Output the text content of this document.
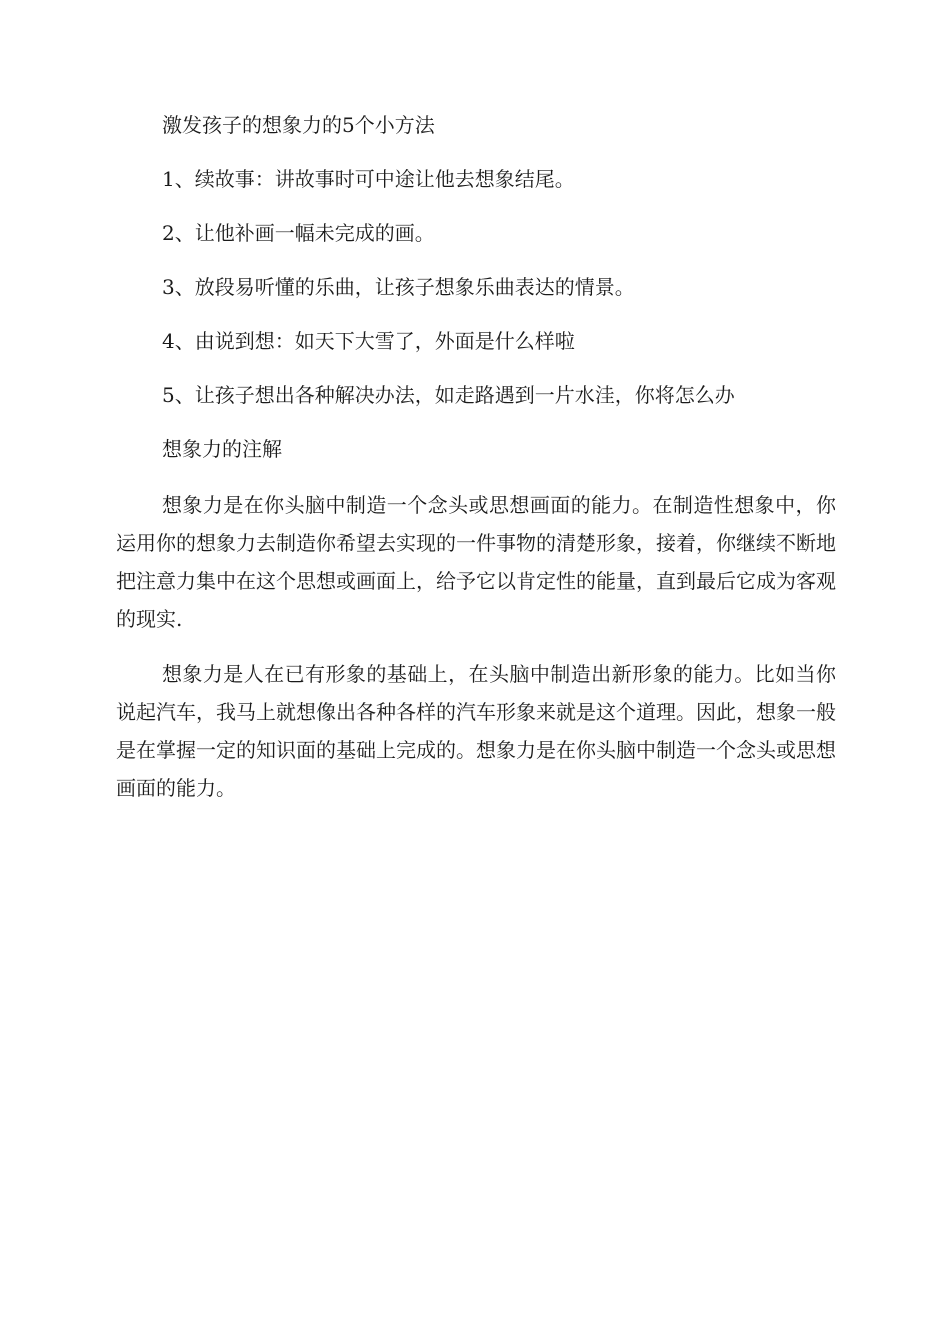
激发孩子的想象力的5个小方法

1、续故事：讲故事时可中途让他去想象结尾。

2、让他补画一幅未完成的画。

3、放段易听懂的乐曲，让孩子想象乐曲表达的情景。

4、由说到想：如天下大雪了，外面是什么样啦

5、让孩子想出各种解决办法，如走路遇到一片水洼，你将怎么办

想象力的注解

想象力是在你头脑中制造一个念头或思想画面的能力。在制造性想象中，你运用你的想象力去制造你希望去实现的一件事物的清楚形象，接着，你继续不断地把注意力集中在这个思想或画面上，给予它以肯定性的能量，直到最后它成为客观的现实.

想象力是人在已有形象的基础上，在头脑中制造出新形象的能力。比如当你说起汽车，我马上就想像出各种各样的汽车形象来就是这个道理。因此，想象一般是在掌握一定的知识面的基础上完成的。想象力是在你头脑中制造一个念头或思想画面的能力。
